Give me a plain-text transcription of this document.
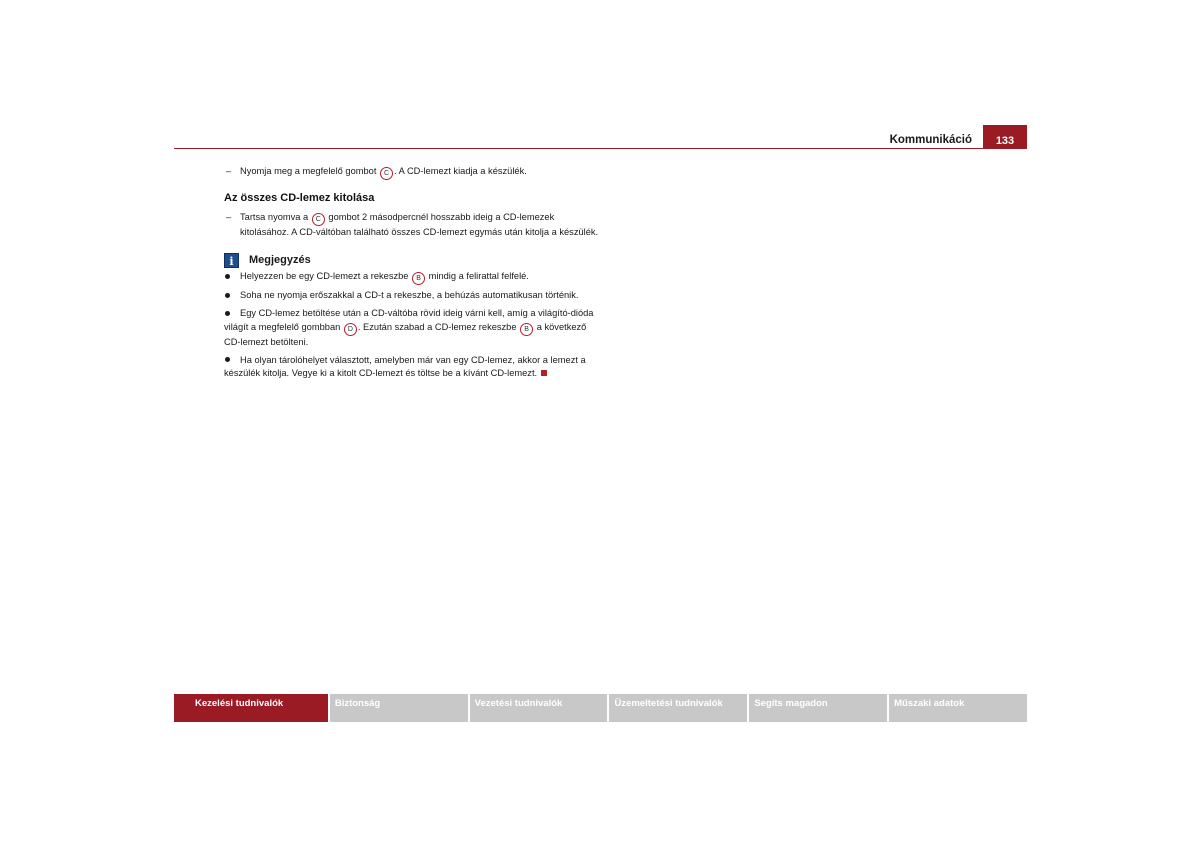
Kommunikáció 133

– Nyomja meg a megfelelő gombot C . A CD-lemezt kiadja a készülék.

Az összes CD-lemez kitolása

– Tartsa nyomva a C gombot 2 másodpercnél hosszabb ideig a CD-lemezek kitolásához. A CD-váltóban található összes CD-lemezt egymás után kitolja a készülék.

i	Megjegyzés

Helyezzen be egy CD-lemezt a rekeszbe B mindig a felirattal felfelé.

Soha ne nyomja erőszakkal a CD-t a rekeszbe, a behúzás automatikusan történik.

Egy CD-lemez betöltése után a CD-váltóba rövid ideig várni kell, amíg a világító-dióda világít a megfelelő gombban D . Ezután szabad a CD-lemez rekeszbe B a következő CD-lemezt betölteni.

Ha olyan tárolóhelyet választott, amelyben már van egy CD-lemez, akkor a lemezt a készülék kitolja. Vegye ki a kitolt CD-lemezt és töltse be a kívánt CD-lemezt.

Kezelési tudnivalók	Biztonság	Vezetési tudnivalók	Üzemeltetési tudnivalók	Segíts magadon	Műszaki adatok
